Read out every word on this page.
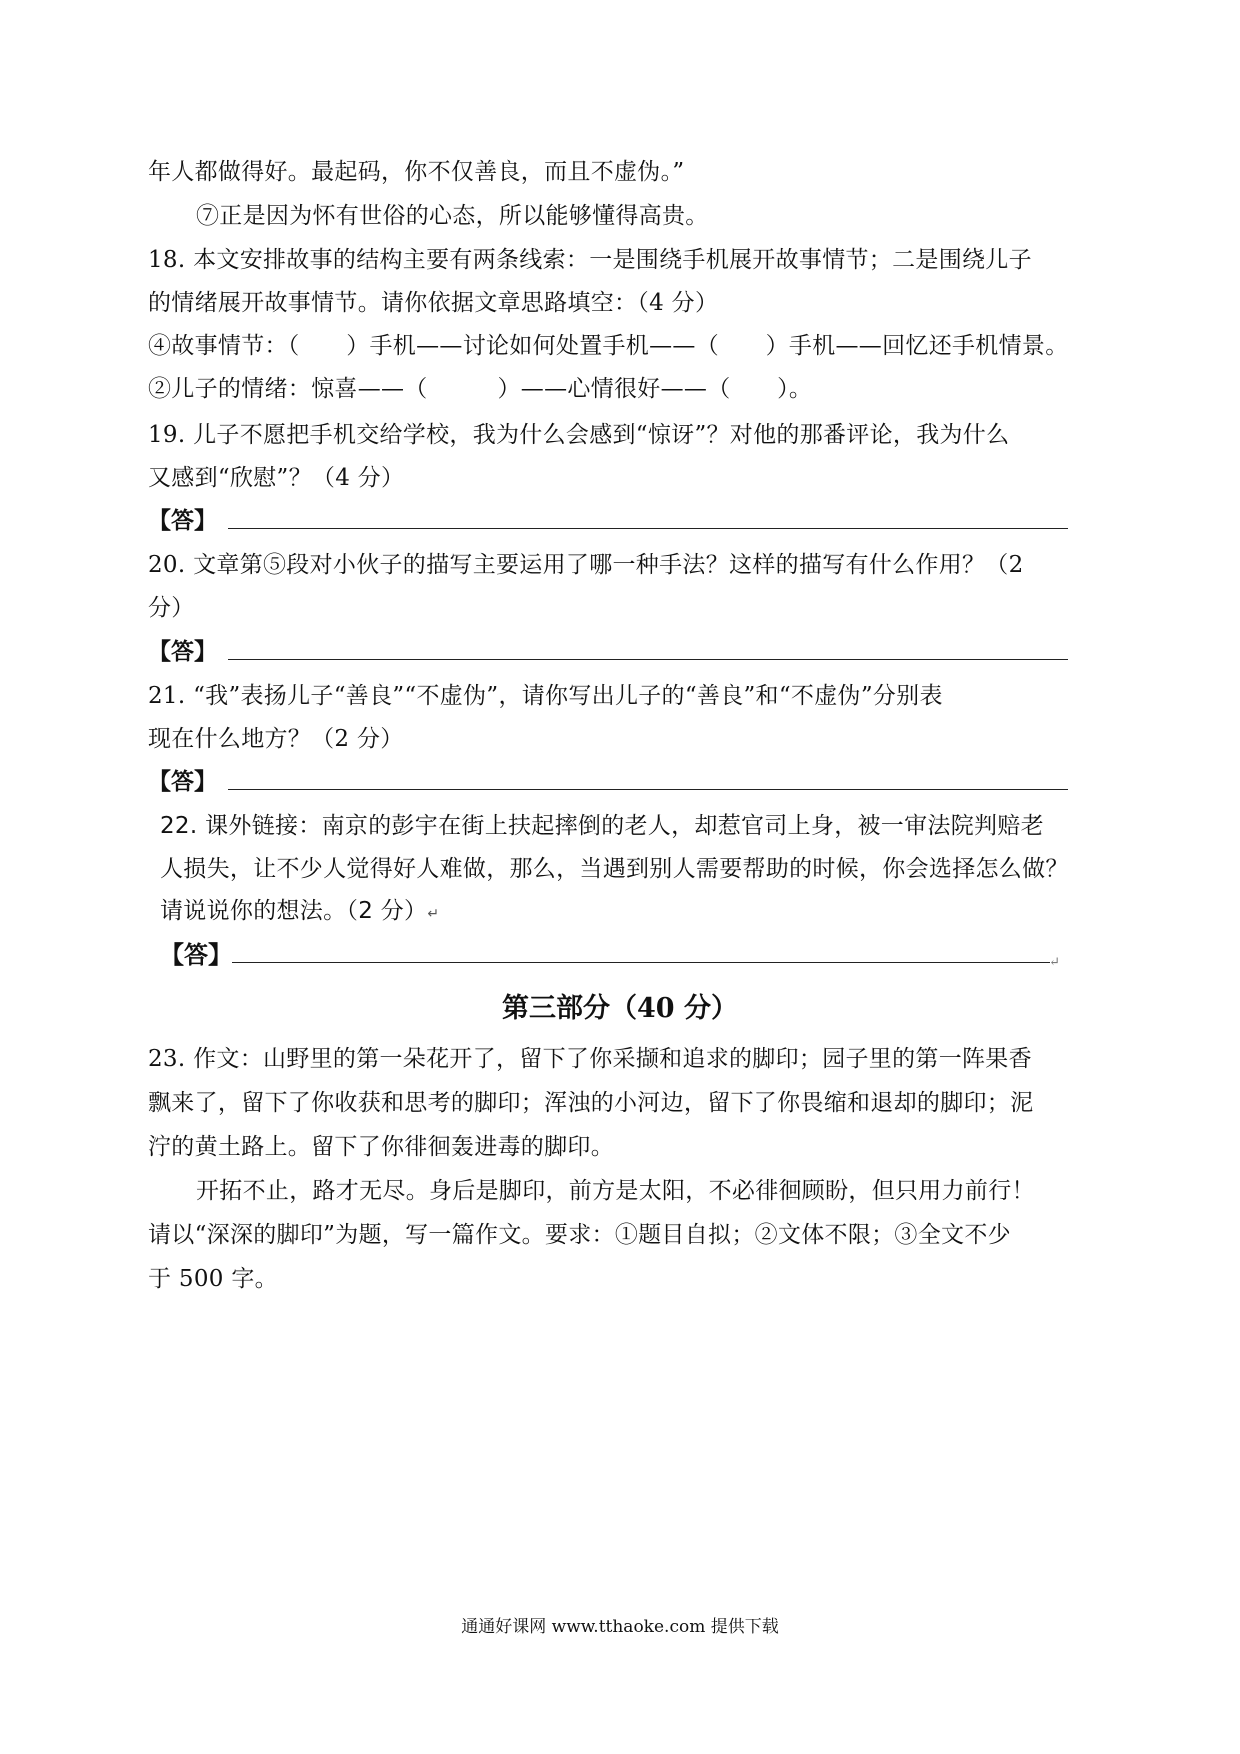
年人都做得好。最起码，你不仅善良，而且不虚伪。”
⑦正是因为怀有世俗的心态，所以能够懂得高贵。
18. 本文安排故事的结构主要有两条线索：一是围绕手机展开故事情节；二是围绕儿子
的情绪展开故事情节。请你依据文章思路填空：（4 分）
④故事情节：（　　）手机——讨论如何处置手机——（　　）手机——回忆还手机情景。
②儿子的情绪：惊喜——（　　　）——心情很好——（　　）。
19. 儿子不愿把手机交给学校，我为什么会感到“惊讶”？对他的那番评论，我为什么
又感到“欣慰”？（4 分）
【答】
20. 文章第⑤段对小伙子的描写主要运用了哪一种手法？这样的描写有什么作用？（2
分）
【答】
21. “我”表扬儿子“善良”“不虚伪”，请你写出儿子的“善良”和“不虚伪”分别表
现在什么地方？（2 分）
【答】
22. 课外链接：南京的彭宇在街上扶起摔倒的老人，却惹官司上身，被一审法院判赔老
人损失，让不少人觉得好人难做，那么，当遇到别人需要帮助的时候，你会选择怎么做？
请说说你的想法。（2 分）↵
【答】	↵
第三部分（40 分）
23. 作文：山野里的第一朵花开了，留下了你采撷和追求的脚印；园子里的第一阵果香
飘来了，留下了你收获和思考的脚印；浑浊的小河边，留下了你畏缩和退却的脚印；泥
泞的黄土路上。留下了你徘徊轰进毒的脚印。
开拓不止，路才无尽。身后是脚印，前方是太阳，不必徘徊顾盼，但只用力前行！
请以“深深的脚印”为题，写一篇作文。要求：①题目自拟；②文体不限；③全文不少
于 500 字。
通通好课网 www.tthaoke.com 提供下载
